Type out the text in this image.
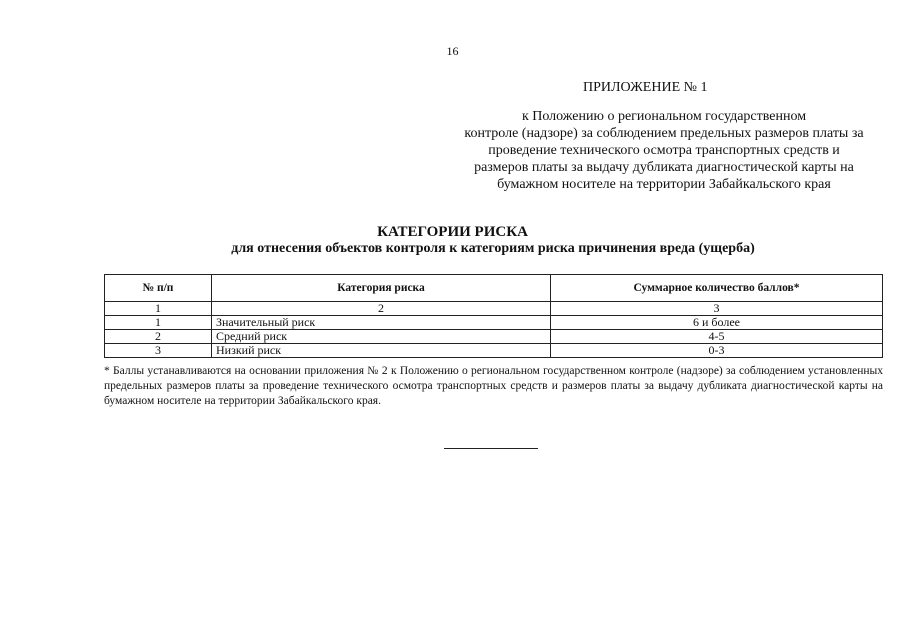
16
ПРИЛОЖЕНИЕ № 1
к Положению о региональном государственном
контроле (надзоре) за соблюдением предельных размеров платы за
проведение технического осмотра транспортных средств и
размеров платы за выдачу дубликата диагностической карты на
бумажном носителе на территории Забайкальского края
КАТЕГОРИИ РИСКА
для отнесения объектов контроля к категориям риска причинения вреда (ущерба)
№ п/п	Категория риска	Суммарное количество баллов*
1	2	3
1	Значительный риск	6 и более
2	Средний риск	4-5
3	Низкий риск	0-3
* Баллы устанавливаются на основании приложения № 2 к Положению о региональном государственном контроле (надзоре) за соблюдением установленных предельных размеров платы за проведение технического осмотра транспортных средств и размеров платы за выдачу дубликата диагностической карты на бумажном носителе на территории Забайкальского края.
